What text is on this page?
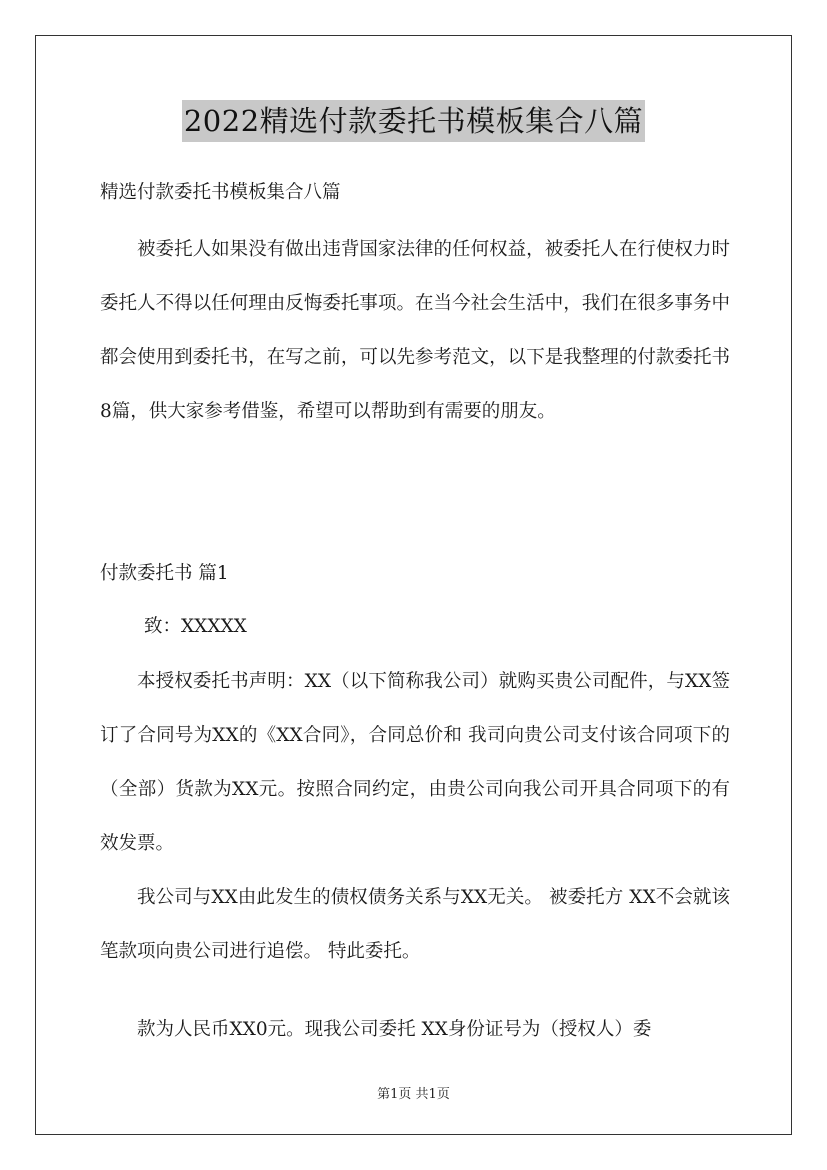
2022精选付款委托书模板集合八篇

精选付款委托书模板集合八篇

被委托人如果没有做出违背国家法律的任何权益，被委托人在行使权力时委托人不得以任何理由反悔委托事项。在当今社会生活中，我们在很多事务中都会使用到委托书，在写之前，可以先参考范文，以下是我整理的付款委托书8篇，供大家参考借鉴，希望可以帮助到有需要的朋友。

付款委托书 篇1

致：XXXXX

本授权委托书声明：XX（以下简称我公司）就购买贵公司配件，与XX签订了合同号为XX的《XX合同》，合同总价和 我司向贵公司支付该合同项下的（全部）货款为XX元。按照合同约定，由贵公司向我公司开具合同项下的有效发票。

我公司与XX由此发生的债权债务关系与XX无关。 被委托方 XX不会就该笔款项向贵公司进行追偿。 特此委托。

款为人民币XX0元。现我公司委托 XX身份证号为（授权人）委

第1页 共1页
